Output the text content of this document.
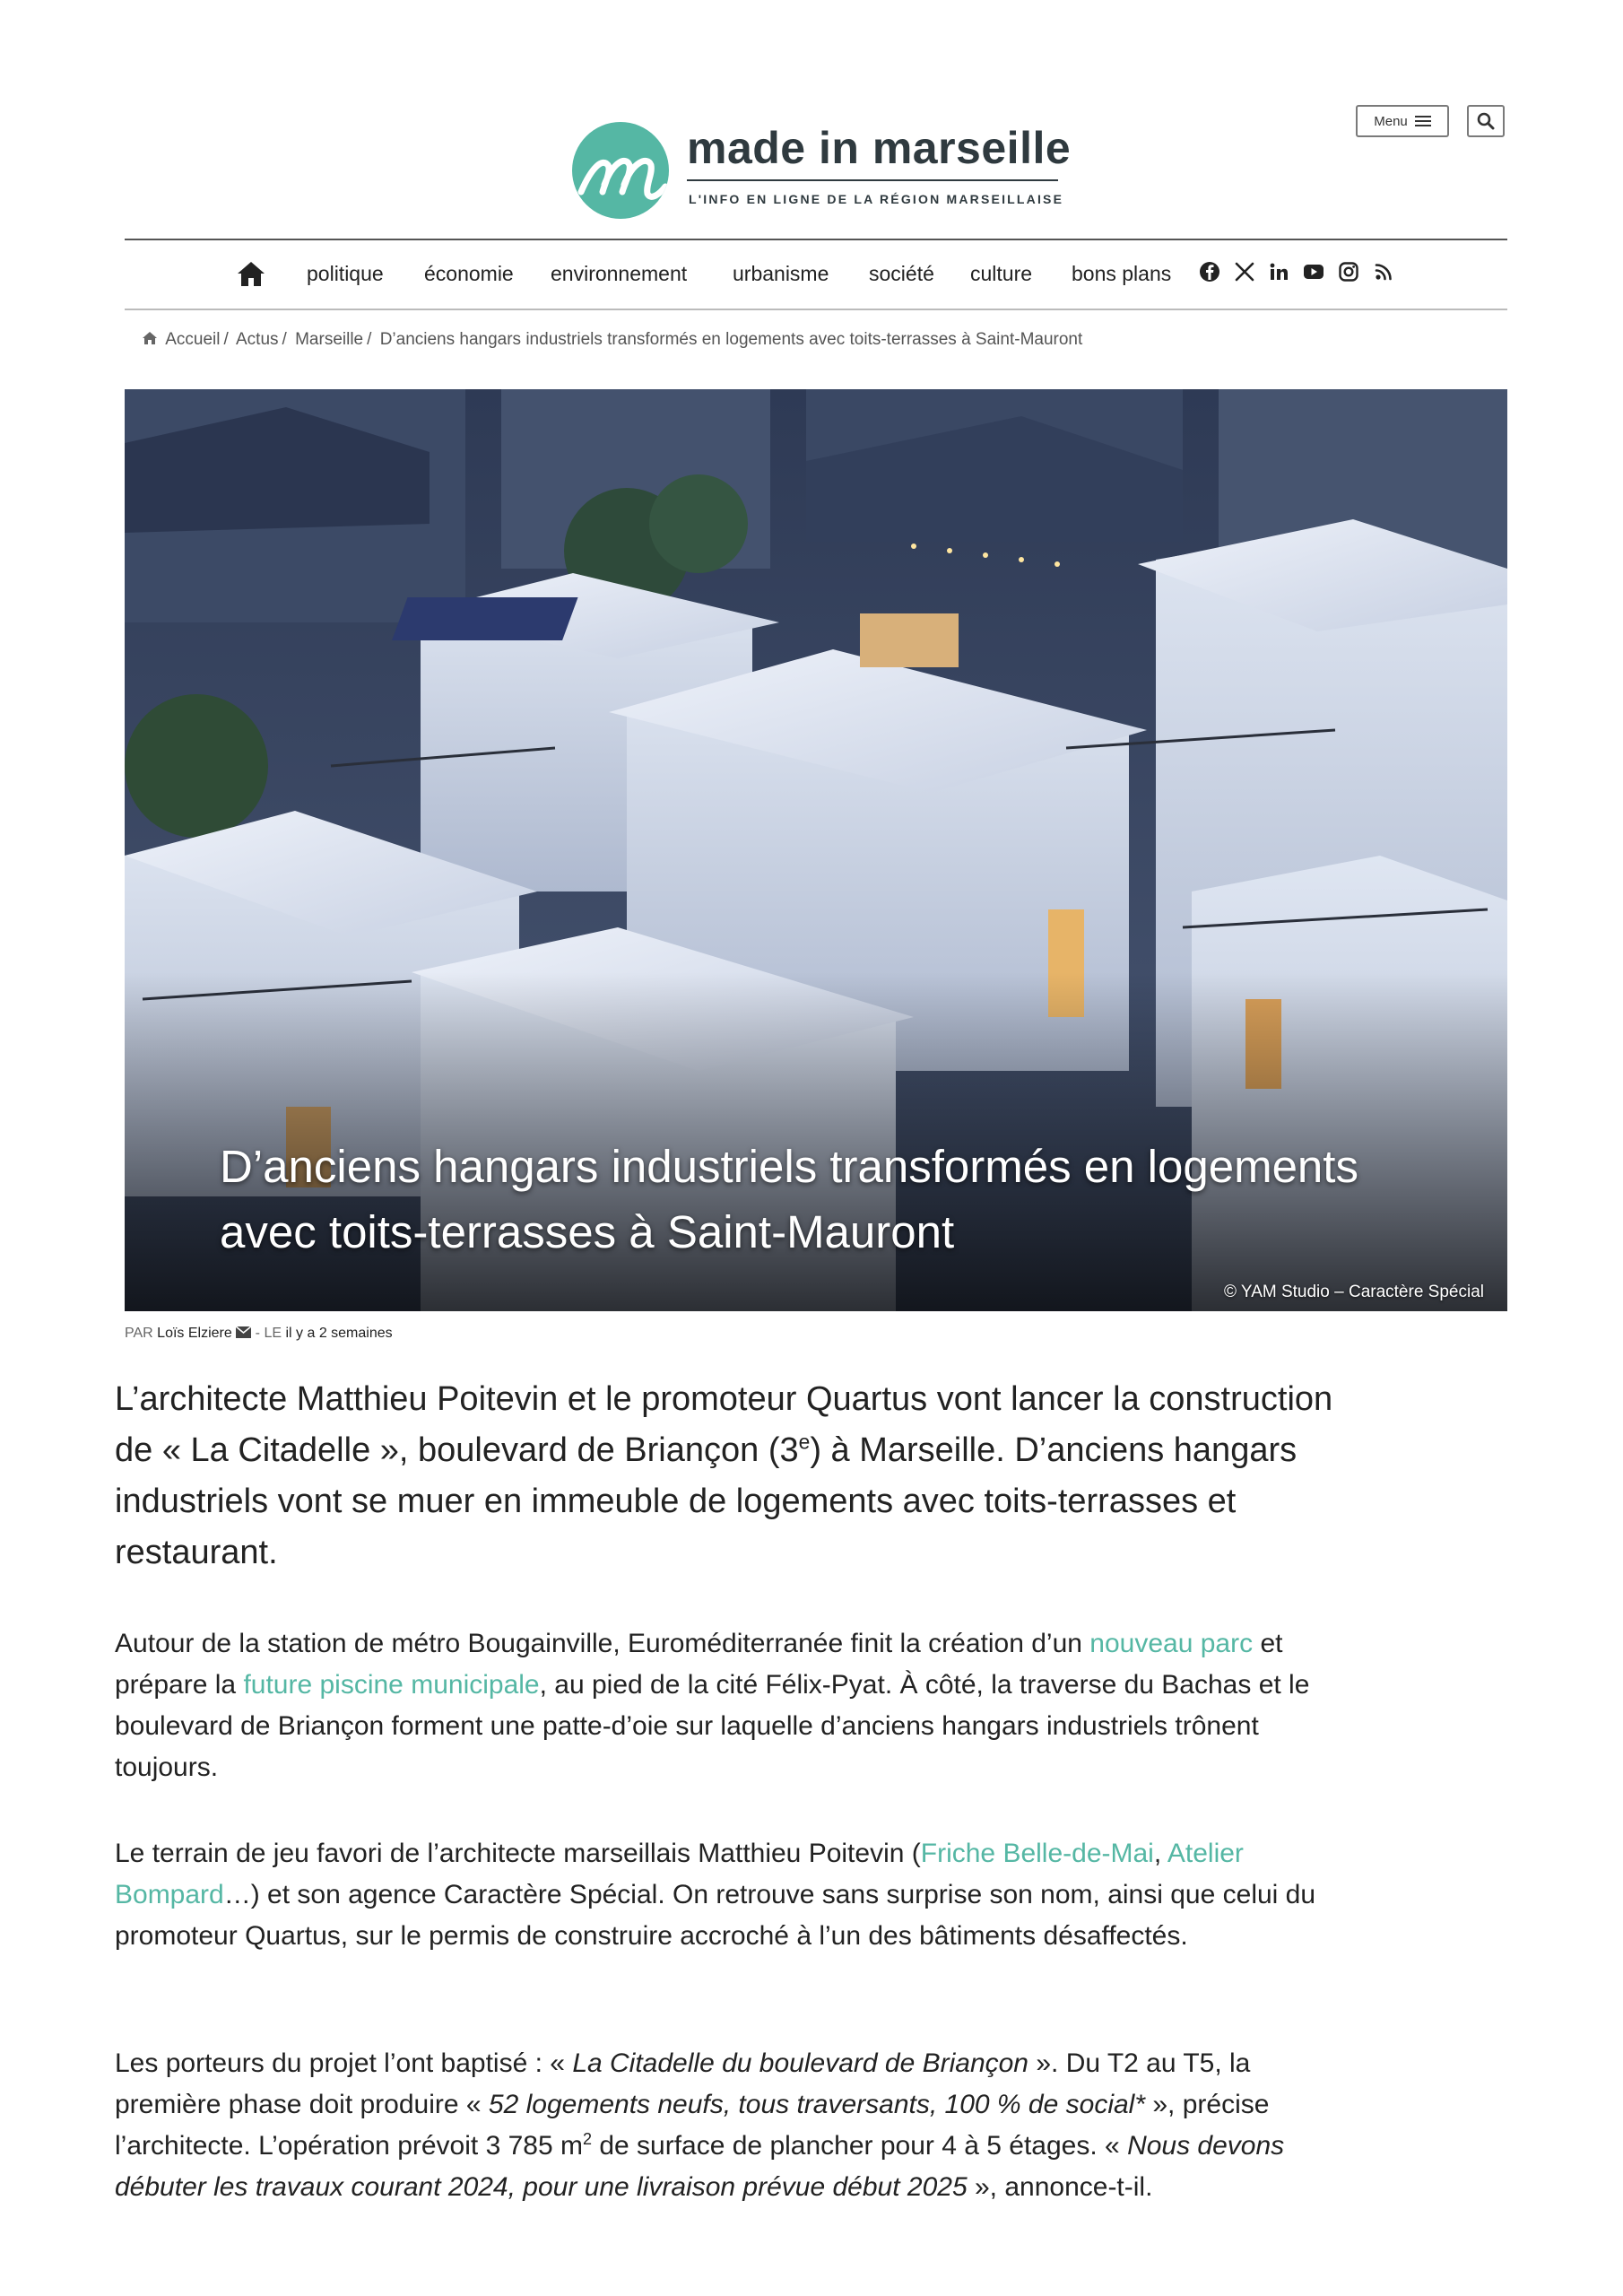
Menu
made in marseille
L'INFO EN LIGNE DE LA RÉGION MARSEILLAISE
politique économie environnement urbanisme société culture bons plans
Accueil / Actus / Marseille / D’anciens hangars industriels transformés en logements avec toits-terrasses à Saint-Mauront
D’anciens hangars industriels transformés en logements avec toits-terrasses à Saint-Mauront
© YAM Studio – Caractère Spécial
PAR Loïs Elziere - LE il y a 2 semaines

L’architecte Matthieu Poitevin et le promoteur Quartus vont lancer la construction de « La Citadelle », boulevard de Briançon (3e) à Marseille. D’anciens hangars industriels vont se muer en immeuble de logements avec toits-terrasses et restaurant.

Autour de la station de métro Bougainville, Euroméditerranée finit la création d’un nouveau parc et prépare la future piscine municipale, au pied de la cité Félix-Pyat. À côté, la traverse du Bachas et le boulevard de Briançon forment une patte-d’oie sur laquelle d’anciens hangars industriels trônent toujours.

Le terrain de jeu favori de l’architecte marseillais Matthieu Poitevin (Friche Belle-de-Mai, Atelier Bompard…) et son agence Caractère Spécial. On retrouve sans surprise son nom, ainsi que celui du promoteur Quartus, sur le permis de construire accroché à l’un des bâtiments désaffectés.

Les porteurs du projet l’ont baptisé : « La Citadelle du boulevard de Briançon ». Du T2 au T5, la première phase doit produire « 52 logements neufs, tous traversants, 100 % de social* », précise l’architecte. L’opération prévoit 3 785 $m^2$ de surface de plancher pour 4 à 5 étages. « Nous devons débuter les travaux courant 2024, pour une livraison prévue début 2025 », annonce-t-il.
